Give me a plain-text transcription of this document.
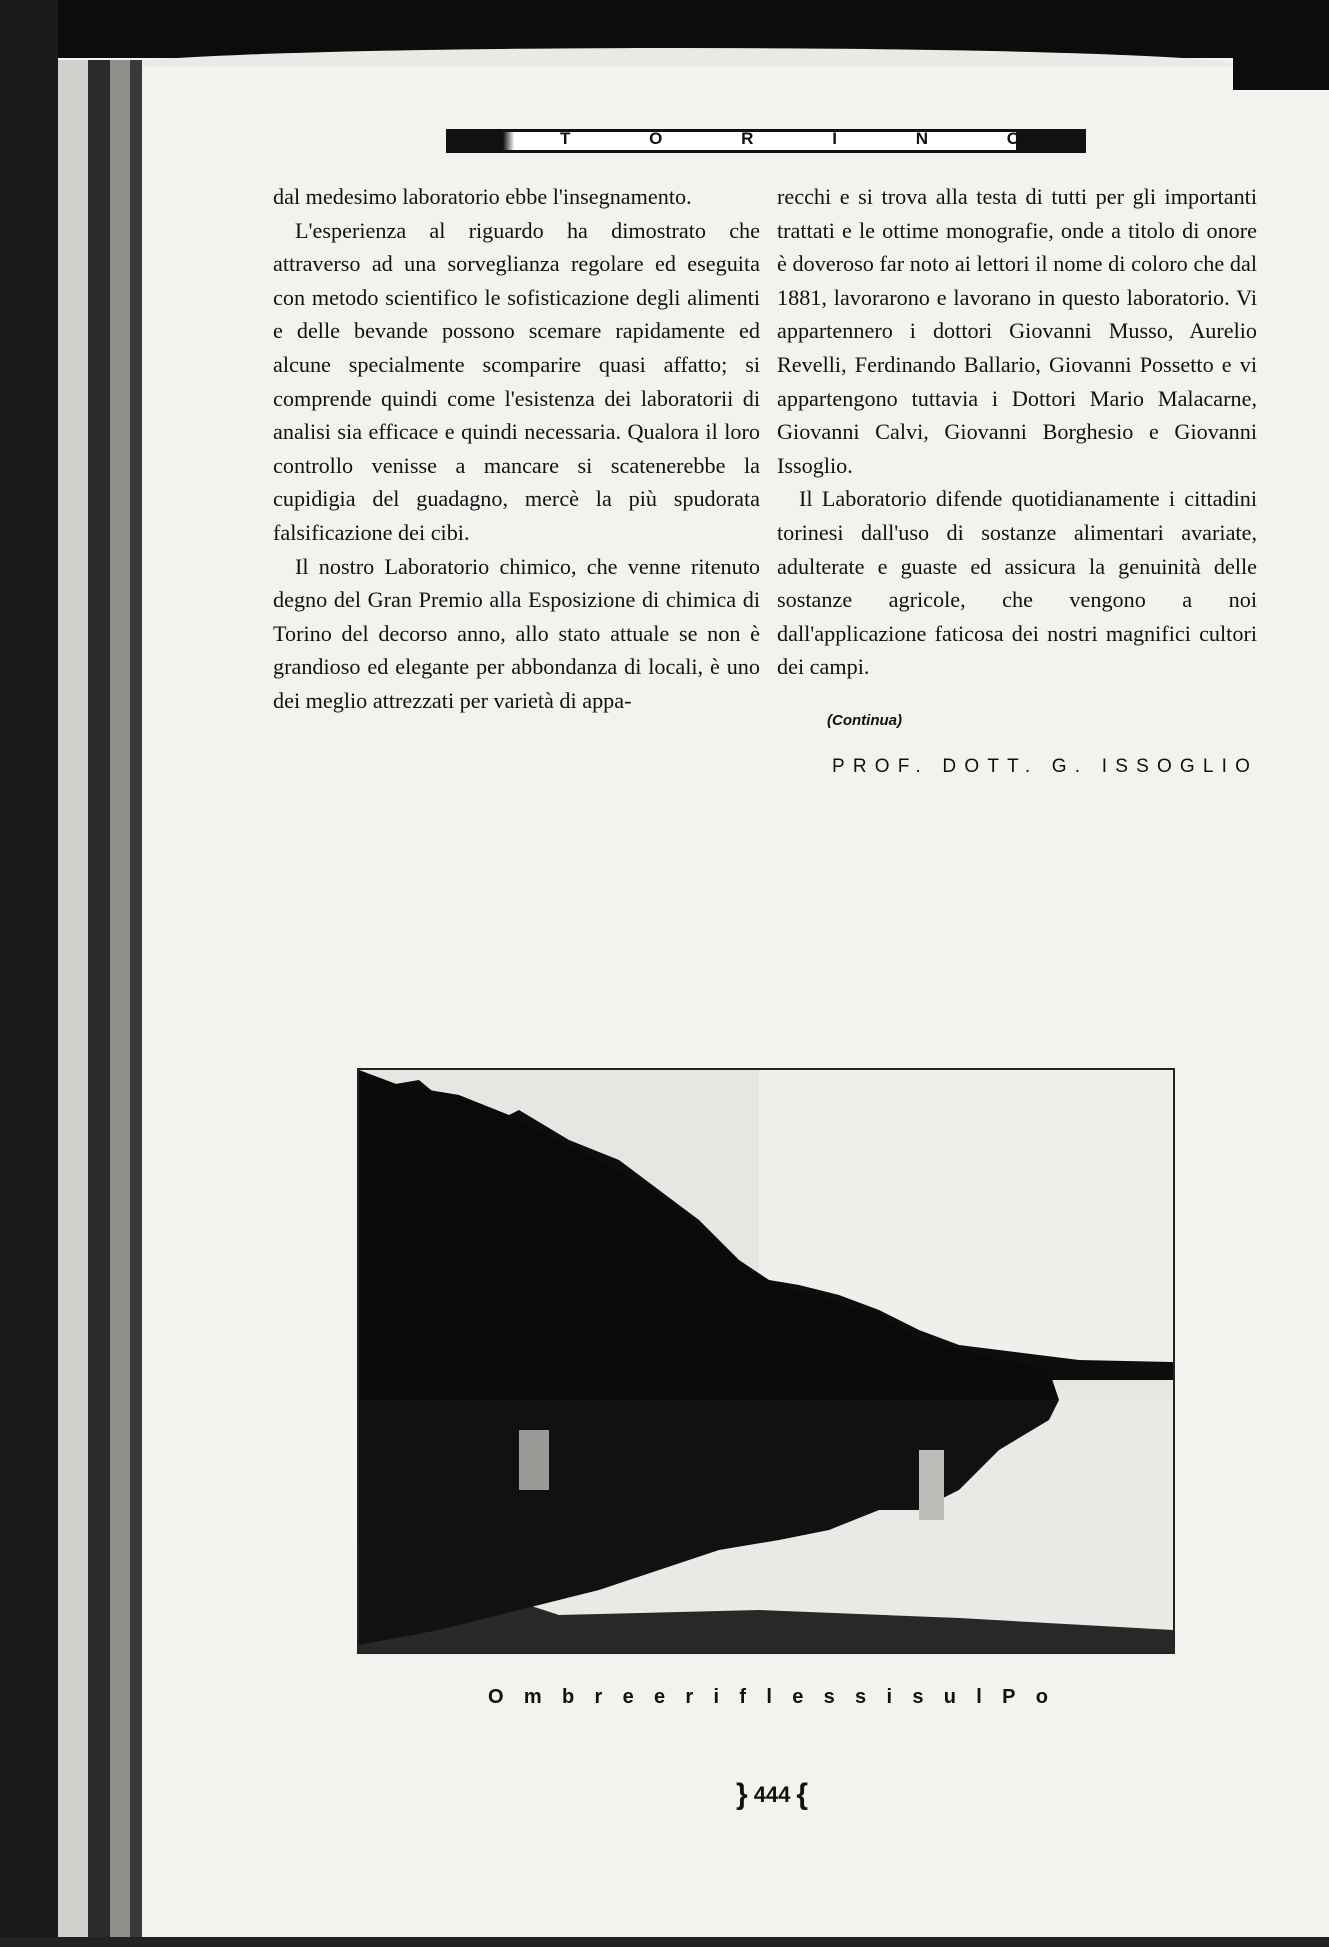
T	O	R	I	N	O

dal medesimo laboratorio ebbe l'insegnamento.

L'esperienza al riguardo ha dimostrato che attraverso ad una sorveglianza regolare ed eseguita con metodo scientifico le sofisticazione degli alimenti e delle bevande possono scemare rapidamente ed alcune specialmente scomparire quasi affatto; si comprende quindi come l'esistenza dei laboratorii di analisi sia efficace e quindi necessaria. Qualora il loro controllo venisse a mancare si scatenerebbe la cupidigia del guadagno, mercè la più spudorata falsificazione dei cibi.

Il nostro Laboratorio chimico, che venne ritenuto degno del Gran Premio alla Esposizione di chimica di Torino del decorso anno, allo stato attuale se non è grandioso ed elegante per abbondanza di locali, è uno dei meglio attrezzati per varietà di appa-

recchi e si trova alla testa di tutti per gli importanti trattati e le ottime monografie, onde a titolo di onore è doveroso far noto ai lettori il nome di coloro che dal 1881, lavorarono e lavorano in questo laboratorio. Vi appartennero i dottori Giovanni Musso, Aurelio Revelli, Ferdinando Ballario, Giovanni Possetto e vi appartengono tuttavia i Dottori Mario Malacarne, Giovanni Calvi, Giovanni Borghesio e Giovanni Issoglio.

Il Laboratorio difende quotidianamente i cittadini torinesi dall'uso di sostanze alimentari avariate, adulterate e guaste ed assicura la genuinità delle sostanze agricole, che vengono a noi dall'applicazione faticosa dei nostri magnifici cultori dei campi.

(Continua)

PROF. DOTT. G. ISSOGLIO

O m b r e e r i f l e s s i s u l P o
} 444 {
